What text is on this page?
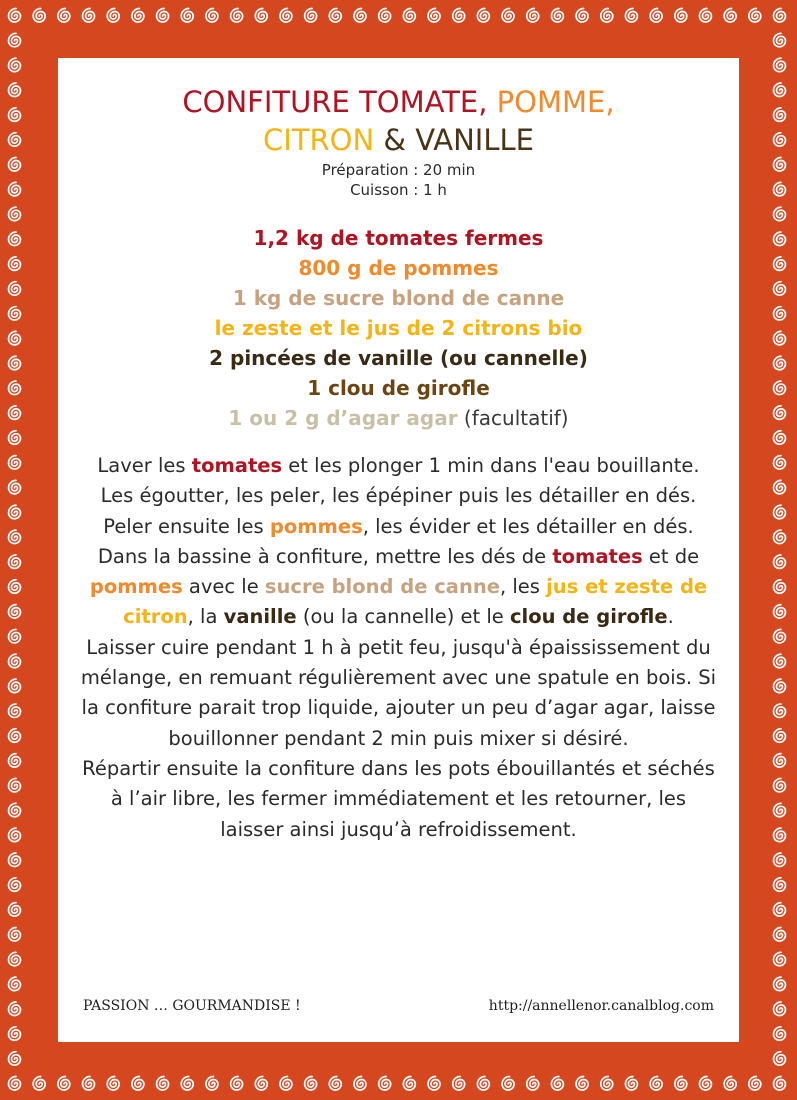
CONFITURE TOMATE, POMME,
CITRON & VANILLE
Préparation : 20 min
Cuisson : 1 h
1,2 kg de tomates fermes
800 g de pommes
1 kg de sucre blond de canne
le zeste et le jus de 2 citrons bio
2 pincées de vanille (ou cannelle)
1 clou de girofle
1 ou 2 g d’agar agar (facultatif)

Laver les tomates et les plonger 1 min dans l'eau bouillante. Les égoutter, les peler, les épépiner puis les détailler en dés.

Peler ensuite les pommes, les évider et les détailler en dés.

Dans la bassine à confiture, mettre les dés de tomates et de pommes avec le sucre blond de canne, les jus et zeste de citron, la vanille (ou la cannelle) et le clou de girofle.

Laisser cuire pendant 1 h à petit feu, jusqu'à épaississement du mélange, en remuant régulièrement avec une spatule en bois. Si la confiture parait trop liquide, ajouter un peu d’agar agar, laisse bouillonner pendant 2 min puis mixer si désiré.

Répartir ensuite la confiture dans les pots ébouillantés et séchés à l’air libre, les fermer immédiatement et les retourner, les laisser ainsi jusqu’à refroidissement.

PASSION … GOURMANDISE !	http://annellenor.canalblog.com
